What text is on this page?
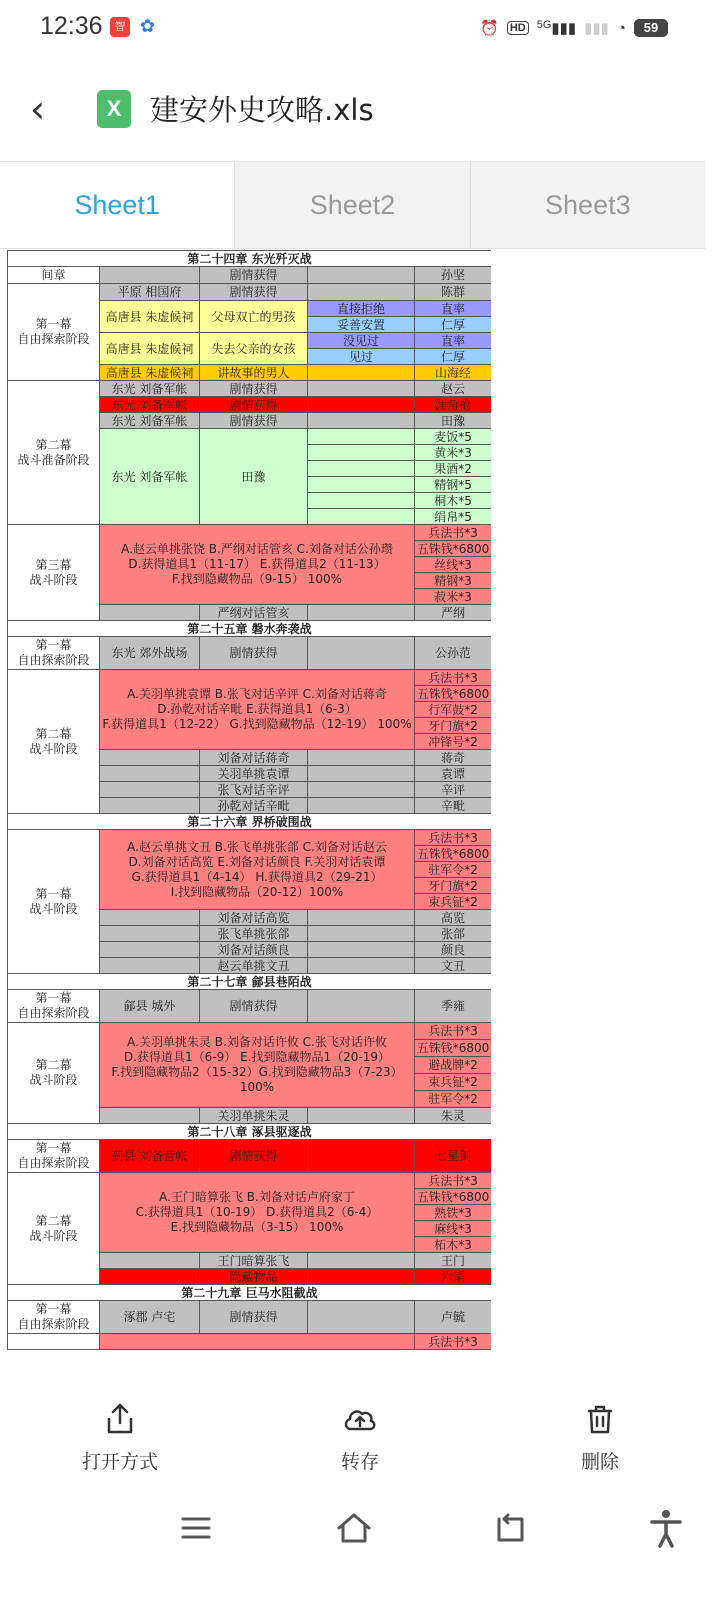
12:36	智 ✿	⏰ HD $^{5G}$▮▮▮ ▮▮▮ ◔	59
‹	X 建安外史攻略.xls
Sheet1	Sheet2	Sheet3
第二十四章 东光歼灭战				
间章		剧情获得		孙坚
第一幕
自由探索阶段	平原 相国府	剧情获得		陈群
	高唐县 朱虚候祠	父母双亡的男孩	直接拒绝	直率
			妥善安置	仁厚
	高唐县 朱虚候祠	失去父亲的女孩	没见过	直率
			见过	仁厚
	高唐县 朱虚候祠	讲故事的男人		山海经
第二幕
战斗准备阶段	东光 刘备军帐	剧情获得		赵云
	东光 刘备军帐	剧情获得		涯角枪
	东光 刘备军帐	剧情获得		田豫
	东光 刘备军帐	田豫		麦饭*5
				黄米*3
				果酒*2
				精钢*5
				桐木*5
				绢帛*5
第三幕
战斗阶段	A.赵云单挑张饶 B.严纲对话管亥 C.刘备对话公孙瓒
D.获得道具1（11-17） E.获得道具2（11-13）
F.找到隐藏物品（9-15） 100%			兵法书*3
				五铢钱*6800
				丝线*3
				精钢*3
				菽米*3
		严纲对话管亥		严纲
第二十五章 磐水奔袭战				
第一幕
自由探索阶段	东光 郊外战场	剧情获得		公孙范
第二幕
战斗阶段	A.关羽单挑袁谭 B.张飞对话辛评 C.刘备对话蒋奇
D.孙乾对话辛毗 E.获得道具1（6-3）
F.获得道具1（12-22） G.找到隐藏物品（12-19） 100%			兵法书*3
				五铢钱*6800
				行军鼓*2
				牙门旗*2
				冲锋号*2
		刘备对话蒋奇		蒋奇
		关羽单挑袁谭		袁谭
		张飞对话辛评		辛评
		孙乾对话辛毗		辛毗
第二十六章 界桥破围战				
第一幕
战斗阶段	A.赵云单挑文丑 B.张飞单挑张郃 C.刘备对话赵云
D.刘备对话高览 E.刘备对话颜良 F.关羽对话袁谭
G.获得道具1（4-14） H.获得道具2（29-21）
I.找到隐藏物品（20-12）100%			兵法书*3
				五铢钱*6800
				驻军令*2
				牙门旗*2
				束兵钲*2
		刘备对话高览		高览
		张飞单挑张郃		张郃
		刘备对话颜良		颜良
		赵云单挑文丑		文丑
第二十七章 鄃县巷陌战				
第一幕
自由探索阶段	鄃县 城外	剧情获得		季雍
第二幕
战斗阶段	A.关羽单挑朱灵 B.刘备对话许攸 C.张飞对话许攸
D.获得道具1（6-9） E.找到隐藏物品1（20-19）
F.找到隐藏物品2（15-32）G.找到隐藏物品3（7-23）
100%			兵法书*3
				五铢钱*6800
				避战牌*2
				束兵钲*2
				驻军令*2
		关羽单挑朱灵		朱灵
第二十八章 涿县驱逐战				
第一幕
自由探索阶段	蓟县 刘备营帐	剧情获得		七星剑
第二幕
战斗阶段	A.王门暗算张飞 B.刘备对话卢府家丁
C.获得道具1（10-19） D.获得道具2（6-4）
E.找到隐藏物品（3-15） 100%			兵法书*3
				五铢钱*6800
				熟铁*3
				麻线*3
				柘木*3
		王门暗算张飞		王门
		隐藏物品		六韬
第二十九章 巨马水阻截战				
第一幕
自由探索阶段	涿郡 卢宅	剧情获得		卢毓
				兵法书*3
打开方式	转存	删除
